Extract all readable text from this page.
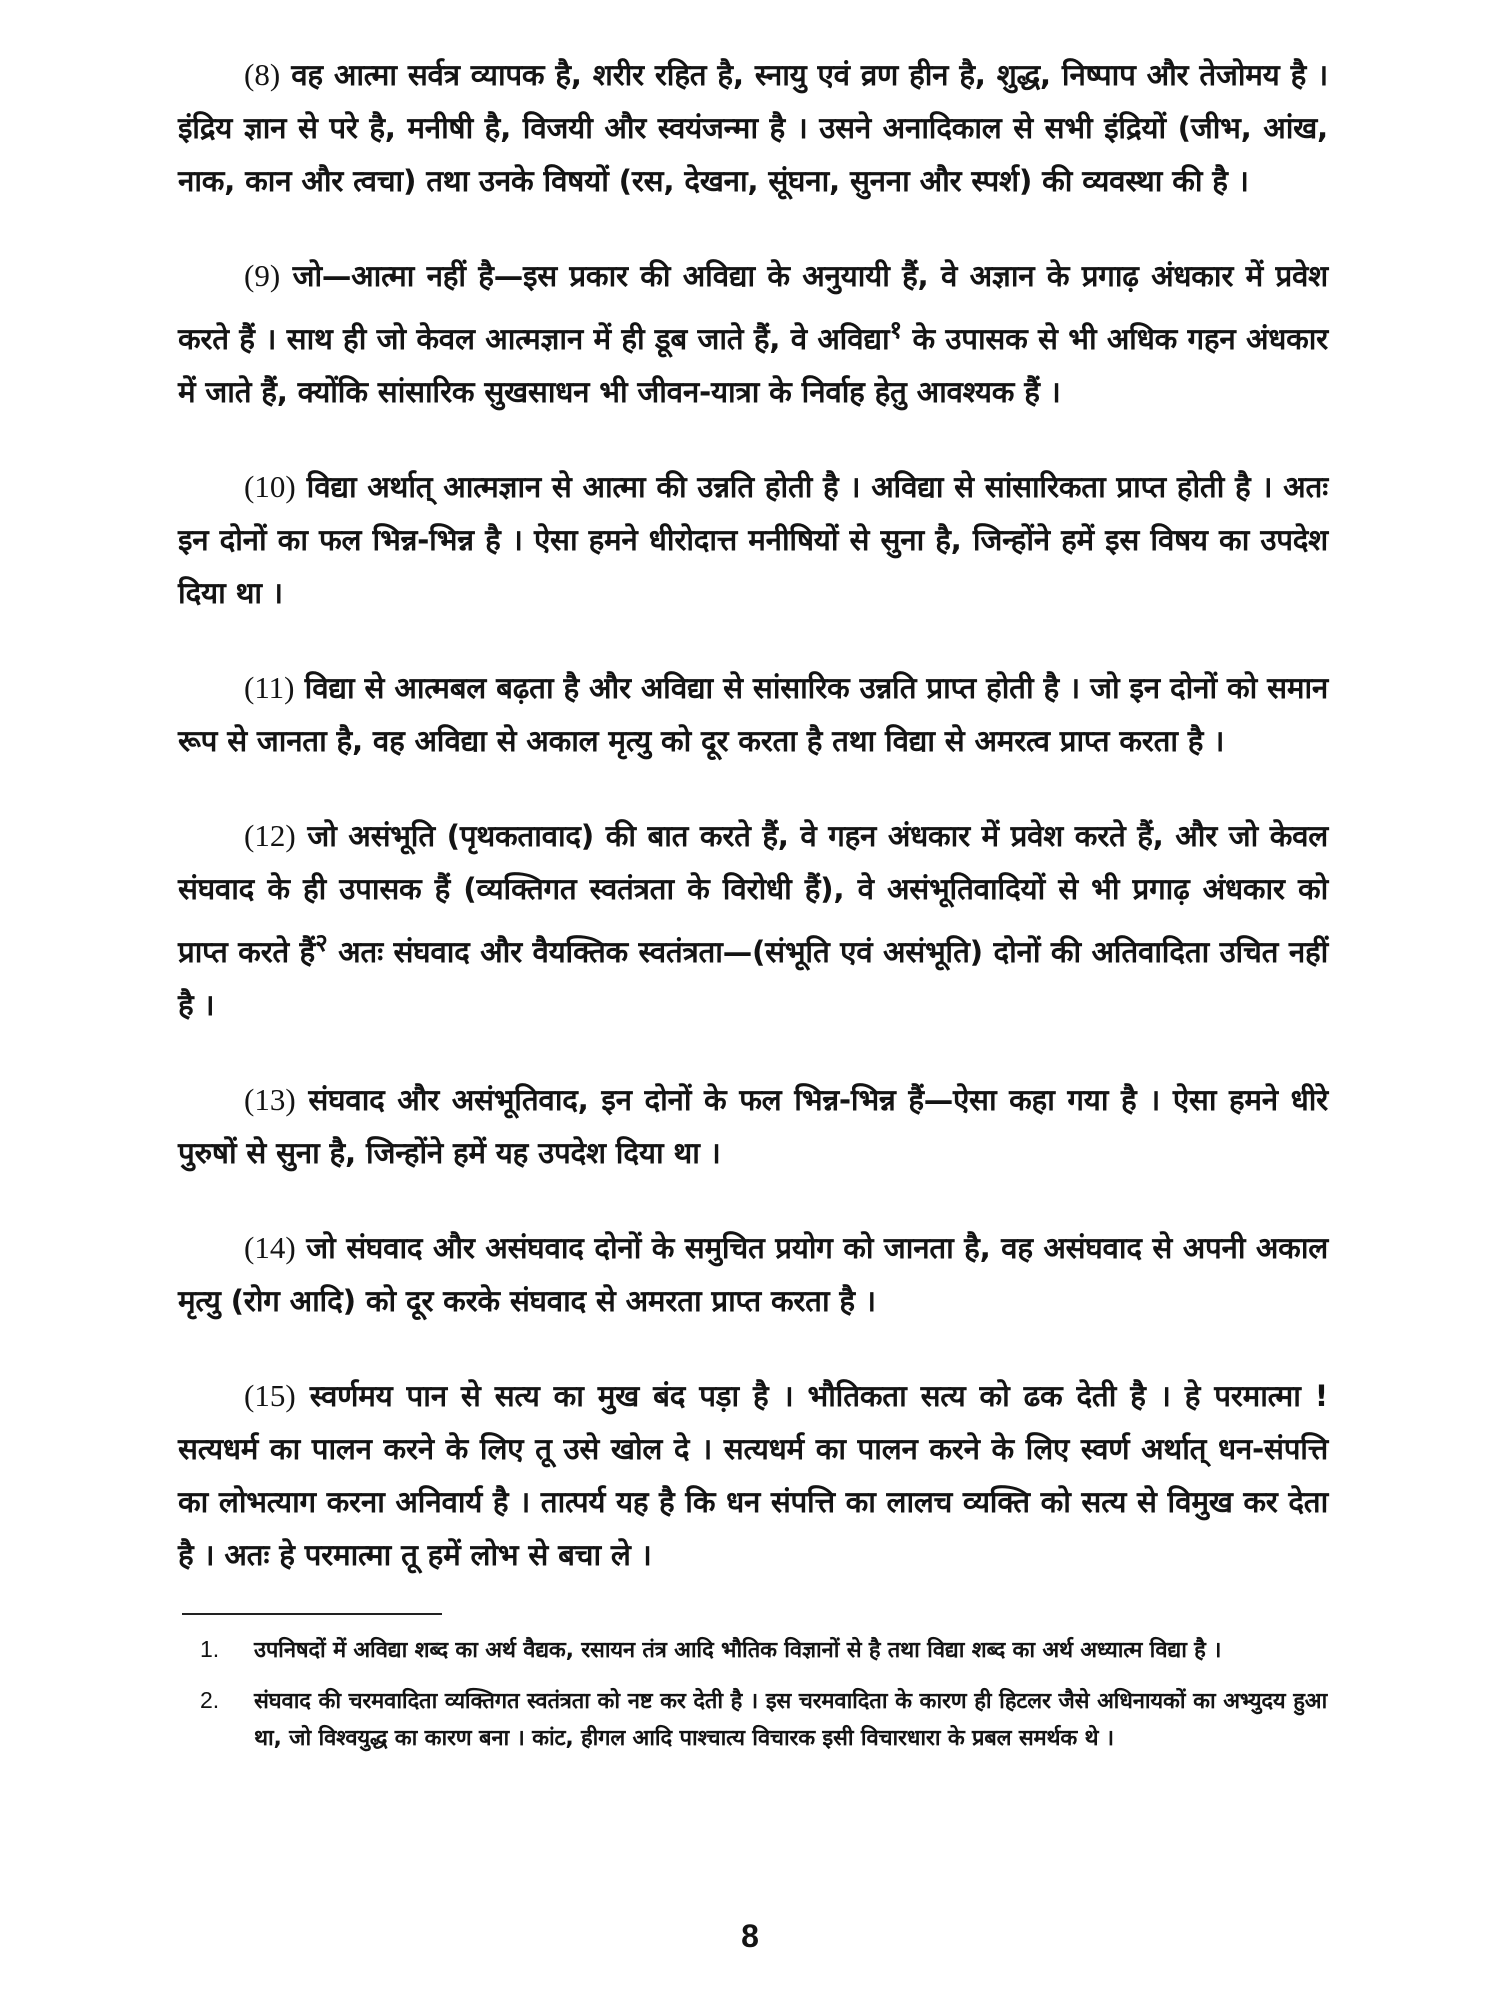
(8) वह आत्मा सर्वत्र व्यापक है, शरीर रहित है, स्नायु एवं व्रण हीन है, शुद्ध, निष्पाप और तेजोमय है । इंद्रिय ज्ञान से परे है, मनीषी है, विजयी और स्वयंजन्मा है । उसने अनादिकाल से सभी इंद्रियों (जीभ, आंख, नाक, कान और त्वचा) तथा उनके विषयों (रस, देखना, सूंघना, सुनना और स्पर्श) की व्यवस्था की है ।

(9) जो—आत्मा नहीं है—इस प्रकार की अविद्या के अनुयायी हैं, वे अज्ञान के प्रगाढ़ अंधकार में प्रवेश करते हैं । साथ ही जो केवल आत्मज्ञान में ही डूब जाते हैं, वे अविद्या$^१$ के उपासक से भी अधिक गहन अंधकार में जाते हैं, क्योंकि सांसारिक सुखसाधन भी जीवन-यात्रा के निर्वाह हेतु आवश्यक हैं ।

(10) विद्या अर्थात् आत्मज्ञान से आत्मा की उन्नति होती है । अविद्या से सांसारिकता प्राप्त होती है । अतः इन दोनों का फल भिन्न-भिन्न है । ऐसा हमने धीरोदात्त मनीषियों से सुना है, जिन्होंने हमें इस विषय का उपदेश दिया था ।

(11) विद्या से आत्मबल बढ़ता है और अविद्या से सांसारिक उन्नति प्राप्त होती है । जो इन दोनों को समान रूप से जानता है, वह अविद्या से अकाल मृत्यु को दूर करता है तथा विद्या से अमरत्व प्राप्त करता है ।

(12) जो असंभूति (पृथकतावाद) की बात करते हैं, वे गहन अंधकार में प्रवेश करते हैं, और जो केवल संघवाद के ही उपासक हैं (व्यक्तिगत स्वतंत्रता के विरोधी हैं), वे असंभूतिवादियों से भी प्रगाढ़ अंधकार को प्राप्त करते हैं$^२$ अतः संघवाद और वैयक्तिक स्वतंत्रता—(संभूति एवं असंभूति) दोनों की अतिवादिता उचित नहीं है ।

(13) संघवाद और असंभूतिवाद, इन दोनों के फल भिन्न-भिन्न हैं—ऐसा कहा गया है । ऐसा हमने धीरे पुरुषों से सुना है, जिन्होंने हमें यह उपदेश दिया था ।

(14) जो संघवाद और असंघवाद दोनों के समुचित प्रयोग को जानता है, वह असंघवाद से अपनी अकाल मृत्यु (रोग आदि) को दूर करके संघवाद से अमरता प्राप्त करता है ।

(15) स्वर्णमय पान से सत्य का मुख बंद पड़ा है । भौतिकता सत्य को ढक देती है । हे परमात्मा ! सत्यधर्म का पालन करने के लिए तू उसे खोल दे । सत्यधर्म का पालन करने के लिए स्वर्ण अर्थात् धन-संपत्ति का लोभत्याग करना अनिवार्य है । तात्पर्य यह है कि धन संपत्ति का लालच व्यक्ति को सत्य से विमुख कर देता है । अतः हे परमात्मा तू हमें लोभ से बचा ले ।

1. उपनिषदों में अविद्या शब्द का अर्थ वैद्यक, रसायन तंत्र आदि भौतिक विज्ञानों से है तथा विद्या शब्द का अर्थ अध्यात्म विद्या है ।
2. संघवाद की चरमवादिता व्यक्तिगत स्वतंत्रता को नष्ट कर देती है । इस चरमवादिता के कारण ही हिटलर जैसे अधिनायकों का अभ्युदय हुआ था, जो विश्वयुद्ध का कारण बना । कांट, हीगल आदि पाश्चात्य विचारक इसी विचारधारा के प्रबल समर्थक थे ।
8
